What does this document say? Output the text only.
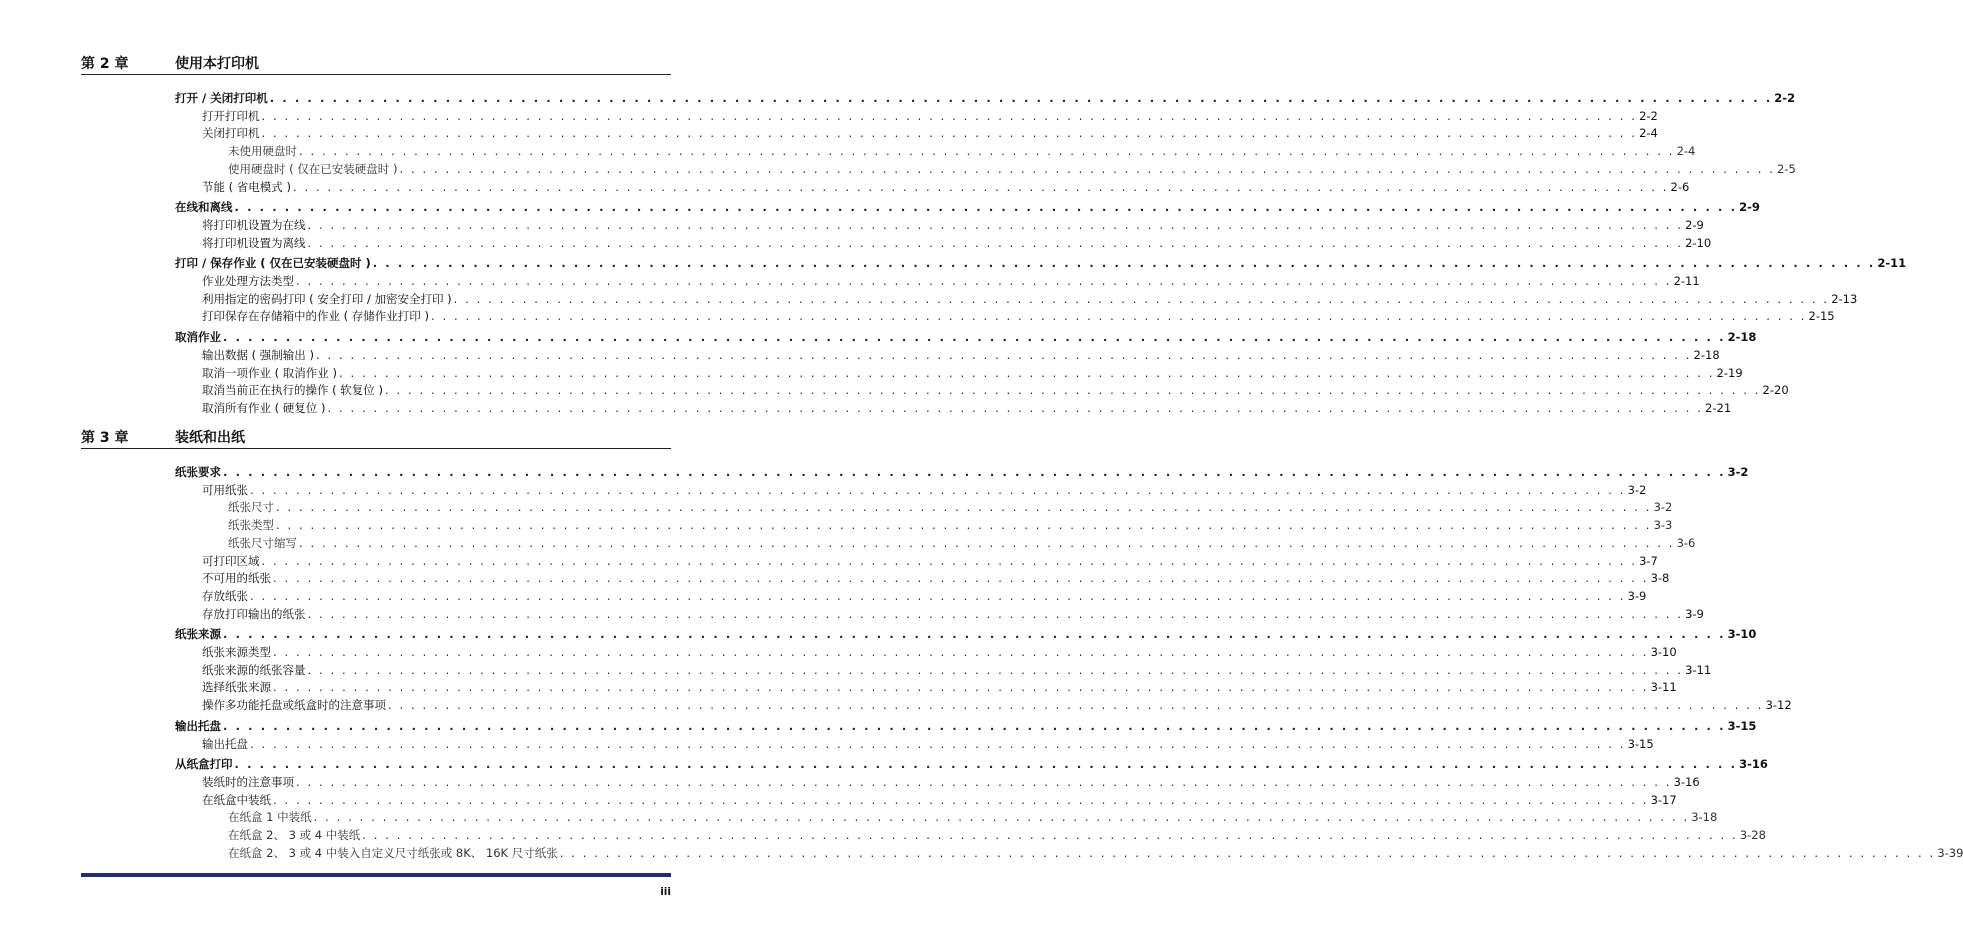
第 2 章	使用本打印机
打开 / 关闭打印机 . . . . . . . . . . . . . . . . . . . . . . . . . . . . . . . . . . . . . . . . . . . . . . . . . . . . . . . . . . . . . . . . . . . . . . . . . . . . . . . . . . . . . . . . . . . . . . . . . . . . . . . . . . . . . . . . . . . . . . . . 2-2
打开打印机 . . . . . . . . . . . . . . . . . . . . . . . . . . . . . . . . . . . . . . . . . . . . . . . . . . . . . . . . . . . . . . . . . . . . . . . . . . . . . . . . . . . . . . . . . . . . . . . . . . . . . . . . . . . . . . . . . . . . . . . . 2-2
关闭打印机 . . . . . . . . . . . . . . . . . . . . . . . . . . . . . . . . . . . . . . . . . . . . . . . . . . . . . . . . . . . . . . . . . . . . . . . . . . . . . . . . . . . . . . . . . . . . . . . . . . . . . . . . . . . . . . . . . . . . . . . . 2-4
未使用硬盘时 . . . . . . . . . . . . . . . . . . . . . . . . . . . . . . . . . . . . . . . . . . . . . . . . . . . . . . . . . . . . . . . . . . . . . . . . . . . . . . . . . . . . . . . . . . . . . . . . . . . . . . . . . . . . . . . . . . . . . . . . 2-4
使用硬盘时 ( 仅在已安装硬盘时 ) . . . . . . . . . . . . . . . . . . . . . . . . . . . . . . . . . . . . . . . . . . . . . . . . . . . . . . . . . . . . . . . . . . . . . . . . . . . . . . . . . . . . . . . . . . . . . . . . . . . . . . . . . . . . . . . . . . . . . . . . 2-5
节能 ( 省电模式 ) . . . . . . . . . . . . . . . . . . . . . . . . . . . . . . . . . . . . . . . . . . . . . . . . . . . . . . . . . . . . . . . . . . . . . . . . . . . . . . . . . . . . . . . . . . . . . . . . . . . . . . . . . . . . . . . . . . . . . . . . 2-6
在线和离线 . . . . . . . . . . . . . . . . . . . . . . . . . . . . . . . . . . . . . . . . . . . . . . . . . . . . . . . . . . . . . . . . . . . . . . . . . . . . . . . . . . . . . . . . . . . . . . . . . . . . . . . . . . . . . . . . . . . . . . . . 2-9
将打印机设置为在线 . . . . . . . . . . . . . . . . . . . . . . . . . . . . . . . . . . . . . . . . . . . . . . . . . . . . . . . . . . . . . . . . . . . . . . . . . . . . . . . . . . . . . . . . . . . . . . . . . . . . . . . . . . . . . . . . . . . . . . . . 2-9
将打印机设置为离线 . . . . . . . . . . . . . . . . . . . . . . . . . . . . . . . . . . . . . . . . . . . . . . . . . . . . . . . . . . . . . . . . . . . . . . . . . . . . . . . . . . . . . . . . . . . . . . . . . . . . . . . . . . . . . . . . . . . . . . . . 2-10
打印 / 保存作业 ( 仅在已安装硬盘时 ) . . . . . . . . . . . . . . . . . . . . . . . . . . . . . . . . . . . . . . . . . . . . . . . . . . . . . . . . . . . . . . . . . . . . . . . . . . . . . . . . . . . . . . . . . . . . . . . . . . . . . . . . . . . . . . . . . . . . . . . . 2-11
作业处理方法类型 . . . . . . . . . . . . . . . . . . . . . . . . . . . . . . . . . . . . . . . . . . . . . . . . . . . . . . . . . . . . . . . . . . . . . . . . . . . . . . . . . . . . . . . . . . . . . . . . . . . . . . . . . . . . . . . . . . . . . . . . 2-11
利用指定的密码打印 ( 安全打印 / 加密安全打印 ) . . . . . . . . . . . . . . . . . . . . . . . . . . . . . . . . . . . . . . . . . . . . . . . . . . . . . . . . . . . . . . . . . . . . . . . . . . . . . . . . . . . . . . . . . . . . . . . . . . . . . . . . . . . . . . . . . . . . . . . . 2-13
打印保存在存储箱中的作业 ( 存储作业打印 ) . . . . . . . . . . . . . . . . . . . . . . . . . . . . . . . . . . . . . . . . . . . . . . . . . . . . . . . . . . . . . . . . . . . . . . . . . . . . . . . . . . . . . . . . . . . . . . . . . . . . . . . . . . . . . . . . . . . . . . . . 2-15
取消作业 . . . . . . . . . . . . . . . . . . . . . . . . . . . . . . . . . . . . . . . . . . . . . . . . . . . . . . . . . . . . . . . . . . . . . . . . . . . . . . . . . . . . . . . . . . . . . . . . . . . . . . . . . . . . . . . . . . . . . . . . 2-18
输出数据 ( 强制输出 ) . . . . . . . . . . . . . . . . . . . . . . . . . . . . . . . . . . . . . . . . . . . . . . . . . . . . . . . . . . . . . . . . . . . . . . . . . . . . . . . . . . . . . . . . . . . . . . . . . . . . . . . . . . . . . . . . . . . . . . . . 2-18
取消一项作业 ( 取消作业 ) . . . . . . . . . . . . . . . . . . . . . . . . . . . . . . . . . . . . . . . . . . . . . . . . . . . . . . . . . . . . . . . . . . . . . . . . . . . . . . . . . . . . . . . . . . . . . . . . . . . . . . . . . . . . . . . . . . . . . . . . 2-19
取消当前正在执行的操作 ( 软复位 ) . . . . . . . . . . . . . . . . . . . . . . . . . . . . . . . . . . . . . . . . . . . . . . . . . . . . . . . . . . . . . . . . . . . . . . . . . . . . . . . . . . . . . . . . . . . . . . . . . . . . . . . . . . . . . . . . . . . . . . . . 2-20
取消所有作业 ( 硬复位 ) . . . . . . . . . . . . . . . . . . . . . . . . . . . . . . . . . . . . . . . . . . . . . . . . . . . . . . . . . . . . . . . . . . . . . . . . . . . . . . . . . . . . . . . . . . . . . . . . . . . . . . . . . . . . . . . . . . . . . . . . 2-21
第 3 章	装纸和出纸
纸张要求 . . . . . . . . . . . . . . . . . . . . . . . . . . . . . . . . . . . . . . . . . . . . . . . . . . . . . . . . . . . . . . . . . . . . . . . . . . . . . . . . . . . . . . . . . . . . . . . . . . . . . . . . . . . . . . . . . . . . . . . . 3-2
可用纸张 . . . . . . . . . . . . . . . . . . . . . . . . . . . . . . . . . . . . . . . . . . . . . . . . . . . . . . . . . . . . . . . . . . . . . . . . . . . . . . . . . . . . . . . . . . . . . . . . . . . . . . . . . . . . . . . . . . . . . . . . 3-2
纸张尺寸 . . . . . . . . . . . . . . . . . . . . . . . . . . . . . . . . . . . . . . . . . . . . . . . . . . . . . . . . . . . . . . . . . . . . . . . . . . . . . . . . . . . . . . . . . . . . . . . . . . . . . . . . . . . . . . . . . . . . . . . . 3-2
纸张类型 . . . . . . . . . . . . . . . . . . . . . . . . . . . . . . . . . . . . . . . . . . . . . . . . . . . . . . . . . . . . . . . . . . . . . . . . . . . . . . . . . . . . . . . . . . . . . . . . . . . . . . . . . . . . . . . . . . . . . . . . 3-3
纸张尺寸缩写 . . . . . . . . . . . . . . . . . . . . . . . . . . . . . . . . . . . . . . . . . . . . . . . . . . . . . . . . . . . . . . . . . . . . . . . . . . . . . . . . . . . . . . . . . . . . . . . . . . . . . . . . . . . . . . . . . . . . . . . . 3-6
可打印区域 . . . . . . . . . . . . . . . . . . . . . . . . . . . . . . . . . . . . . . . . . . . . . . . . . . . . . . . . . . . . . . . . . . . . . . . . . . . . . . . . . . . . . . . . . . . . . . . . . . . . . . . . . . . . . . . . . . . . . . . . 3-7
不可用的纸张 . . . . . . . . . . . . . . . . . . . . . . . . . . . . . . . . . . . . . . . . . . . . . . . . . . . . . . . . . . . . . . . . . . . . . . . . . . . . . . . . . . . . . . . . . . . . . . . . . . . . . . . . . . . . . . . . . . . . . . . . 3-8
存放纸张 . . . . . . . . . . . . . . . . . . . . . . . . . . . . . . . . . . . . . . . . . . . . . . . . . . . . . . . . . . . . . . . . . . . . . . . . . . . . . . . . . . . . . . . . . . . . . . . . . . . . . . . . . . . . . . . . . . . . . . . . 3-9
存放打印输出的纸张 . . . . . . . . . . . . . . . . . . . . . . . . . . . . . . . . . . . . . . . . . . . . . . . . . . . . . . . . . . . . . . . . . . . . . . . . . . . . . . . . . . . . . . . . . . . . . . . . . . . . . . . . . . . . . . . . . . . . . . . . 3-9
纸张来源 . . . . . . . . . . . . . . . . . . . . . . . . . . . . . . . . . . . . . . . . . . . . . . . . . . . . . . . . . . . . . . . . . . . . . . . . . . . . . . . . . . . . . . . . . . . . . . . . . . . . . . . . . . . . . . . . . . . . . . . . 3-10
纸张来源类型 . . . . . . . . . . . . . . . . . . . . . . . . . . . . . . . . . . . . . . . . . . . . . . . . . . . . . . . . . . . . . . . . . . . . . . . . . . . . . . . . . . . . . . . . . . . . . . . . . . . . . . . . . . . . . . . . . . . . . . . . 3-10
纸张来源的纸张容量 . . . . . . . . . . . . . . . . . . . . . . . . . . . . . . . . . . . . . . . . . . . . . . . . . . . . . . . . . . . . . . . . . . . . . . . . . . . . . . . . . . . . . . . . . . . . . . . . . . . . . . . . . . . . . . . . . . . . . . . . 3-11
选择纸张来源 . . . . . . . . . . . . . . . . . . . . . . . . . . . . . . . . . . . . . . . . . . . . . . . . . . . . . . . . . . . . . . . . . . . . . . . . . . . . . . . . . . . . . . . . . . . . . . . . . . . . . . . . . . . . . . . . . . . . . . . . 3-11
操作多功能托盘或纸盒时的注意事项 . . . . . . . . . . . . . . . . . . . . . . . . . . . . . . . . . . . . . . . . . . . . . . . . . . . . . . . . . . . . . . . . . . . . . . . . . . . . . . . . . . . . . . . . . . . . . . . . . . . . . . . . . . . . . . . . . . . . . . . . 3-12
输出托盘 . . . . . . . . . . . . . . . . . . . . . . . . . . . . . . . . . . . . . . . . . . . . . . . . . . . . . . . . . . . . . . . . . . . . . . . . . . . . . . . . . . . . . . . . . . . . . . . . . . . . . . . . . . . . . . . . . . . . . . . . 3-15
输出托盘 . . . . . . . . . . . . . . . . . . . . . . . . . . . . . . . . . . . . . . . . . . . . . . . . . . . . . . . . . . . . . . . . . . . . . . . . . . . . . . . . . . . . . . . . . . . . . . . . . . . . . . . . . . . . . . . . . . . . . . . . 3-15
从纸盒打印 . . . . . . . . . . . . . . . . . . . . . . . . . . . . . . . . . . . . . . . . . . . . . . . . . . . . . . . . . . . . . . . . . . . . . . . . . . . . . . . . . . . . . . . . . . . . . . . . . . . . . . . . . . . . . . . . . . . . . . . . 3-16
装纸时的注意事项 . . . . . . . . . . . . . . . . . . . . . . . . . . . . . . . . . . . . . . . . . . . . . . . . . . . . . . . . . . . . . . . . . . . . . . . . . . . . . . . . . . . . . . . . . . . . . . . . . . . . . . . . . . . . . . . . . . . . . . . . 3-16
在纸盒中装纸 . . . . . . . . . . . . . . . . . . . . . . . . . . . . . . . . . . . . . . . . . . . . . . . . . . . . . . . . . . . . . . . . . . . . . . . . . . . . . . . . . . . . . . . . . . . . . . . . . . . . . . . . . . . . . . . . . . . . . . . . 3-17
在纸盒 1 中装纸 . . . . . . . . . . . . . . . . . . . . . . . . . . . . . . . . . . . . . . . . . . . . . . . . . . . . . . . . . . . . . . . . . . . . . . . . . . . . . . . . . . . . . . . . . . . . . . . . . . . . . . . . . . . . . . . . . . . . . . . . 3-18
在纸盒 2、 3 或 4 中装纸 . . . . . . . . . . . . . . . . . . . . . . . . . . . . . . . . . . . . . . . . . . . . . . . . . . . . . . . . . . . . . . . . . . . . . . . . . . . . . . . . . . . . . . . . . . . . . . . . . . . . . . . . . . . . . . . . . . . . . . . . 3-28
在纸盒 2、 3 或 4 中装入自定义尺寸纸张或 8K、 16K 尺寸纸张 . . . . . . . . . . . . . . . . . . . . . . . . . . . . . . . . . . . . . . . . . . . . . . . . . . . . . . . . . . . . . . . . . . . . . . . . . . . . . . . . . . . . . . . . . . . . . . . . . . . . . . . . . . . . . . . . . . . . . . . . 3-39
iii
